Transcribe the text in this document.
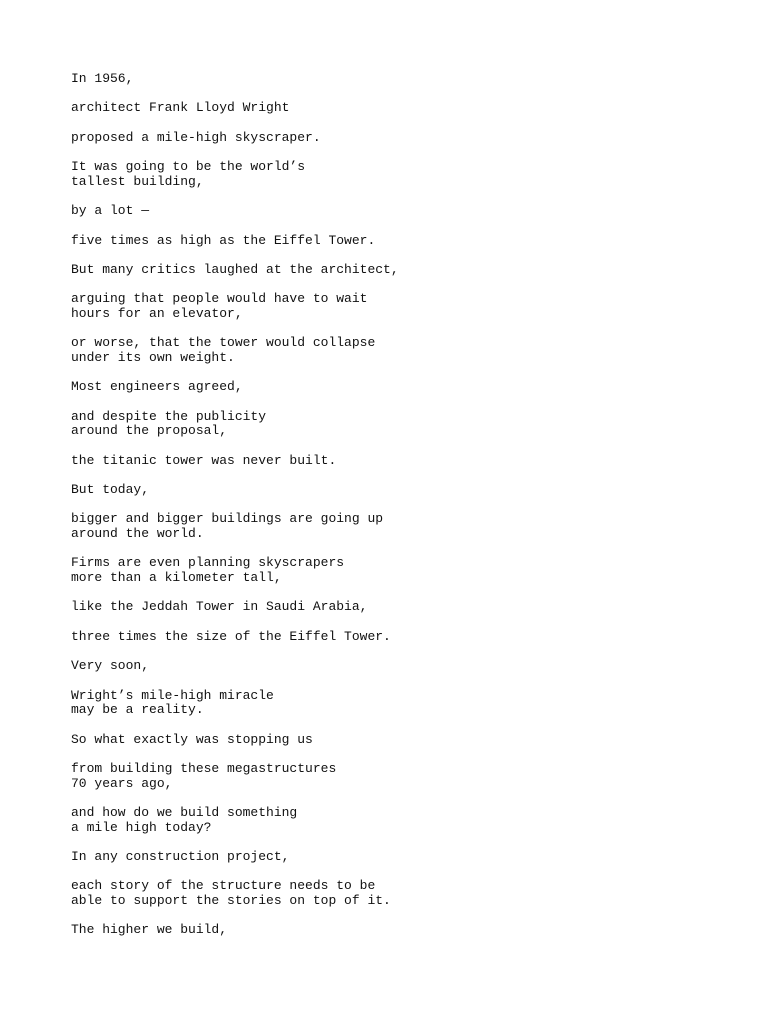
In 1956,

architect Frank Lloyd Wright

proposed a mile-high skyscraper.

It was going to be the world’s
tallest building,

by a lot —

five times as high as the Eiffel Tower.

But many critics laughed at the architect,

arguing that people would have to wait
hours for an elevator,

or worse, that the tower would collapse
under its own weight.

Most engineers agreed,

and despite the publicity
around the proposal,

the titanic tower was never built.

But today,

bigger and bigger buildings are going up
around the world.

Firms are even planning skyscrapers
more than a kilometer tall,

like the Jeddah Tower in Saudi Arabia,

three times the size of the Eiffel Tower.

Very soon,

Wright’s mile-high miracle
may be a reality.

So what exactly was stopping us

from building these megastructures
70 years ago,

and how do we build something
a mile high today?

In any construction project,

each story of the structure needs to be
able to support the stories on top of it.

The higher we build,
